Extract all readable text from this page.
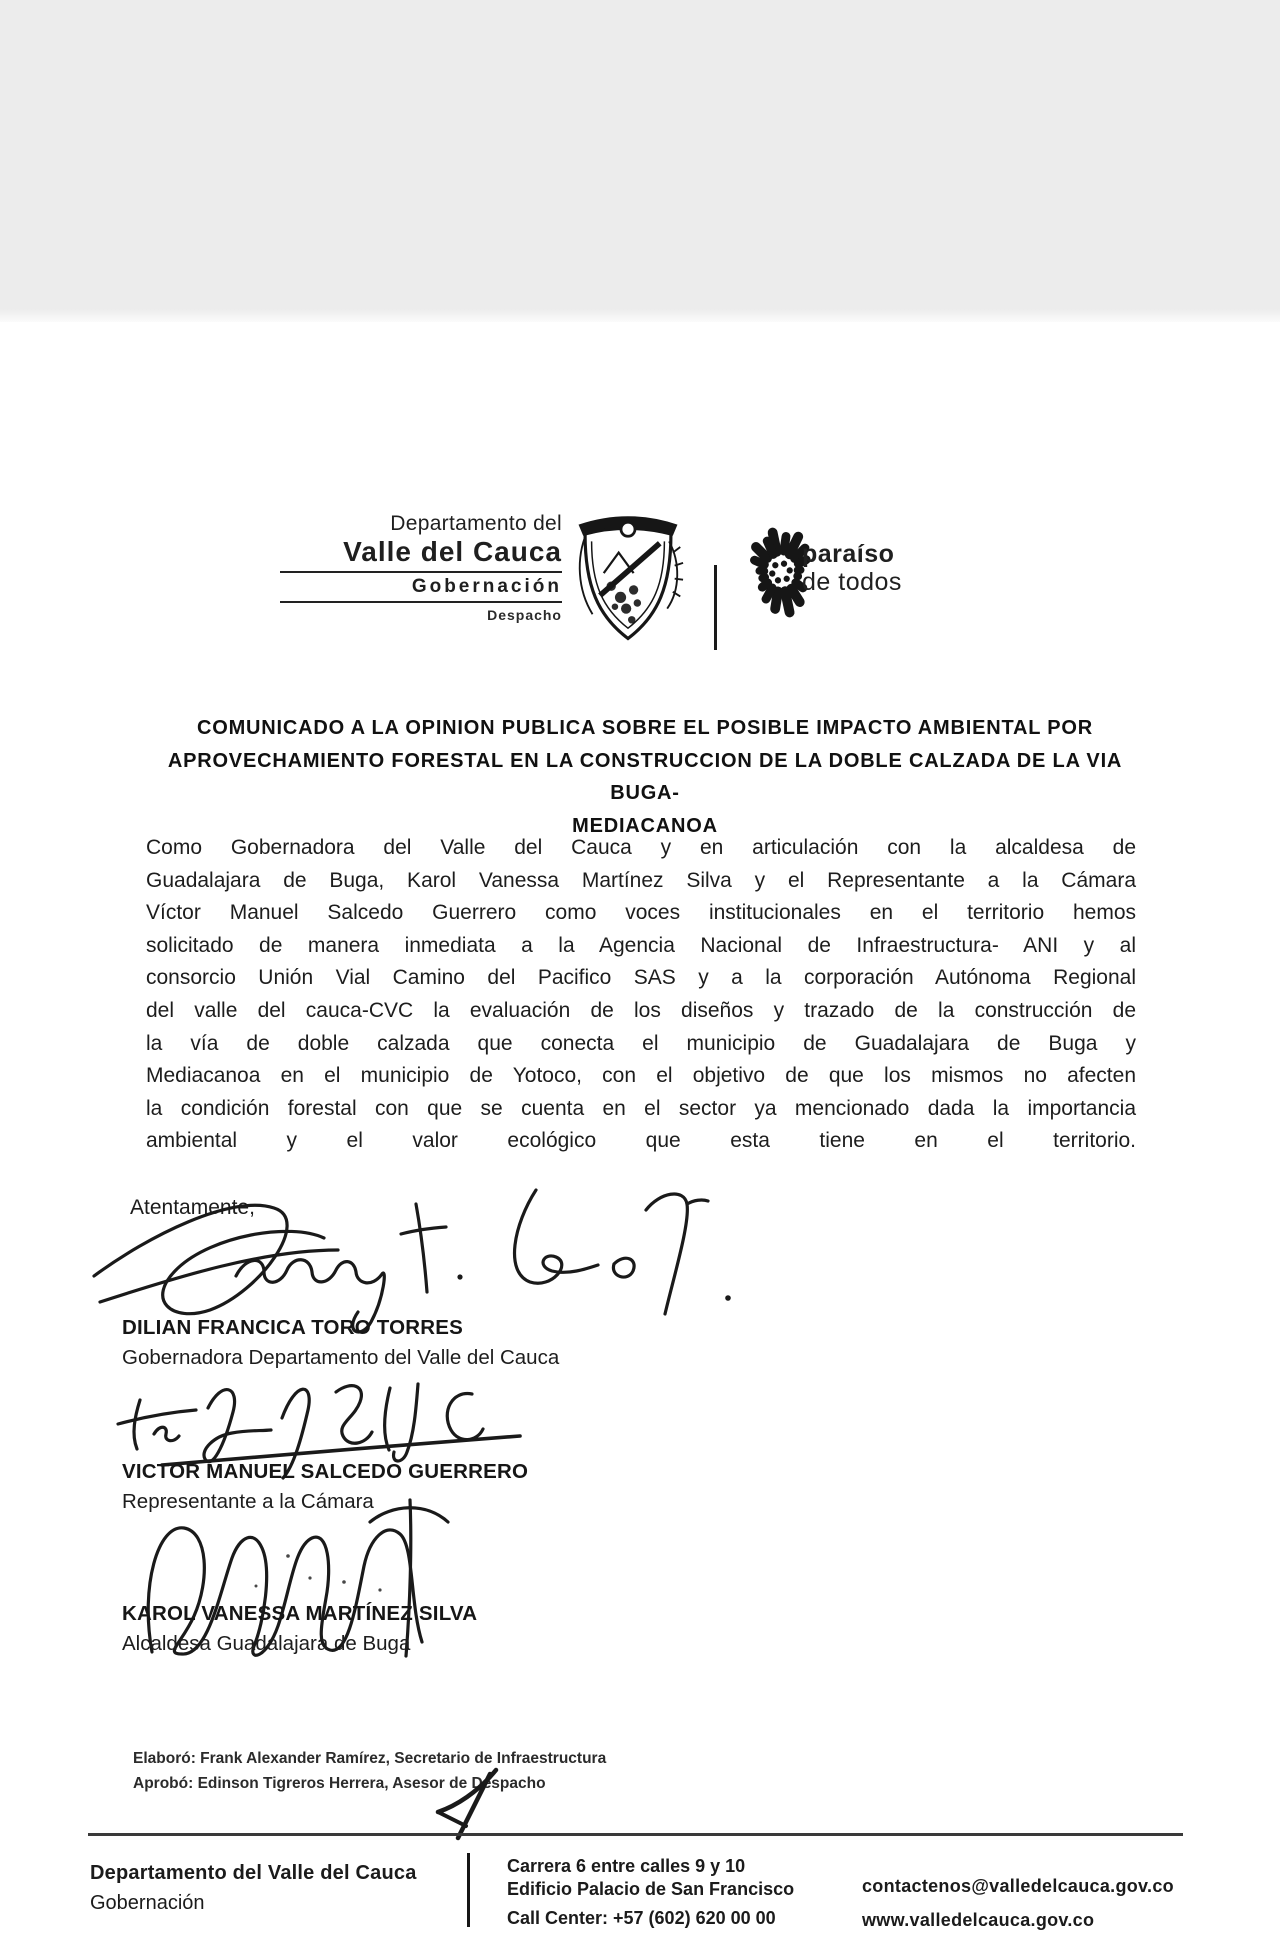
Departamento del
Valle del Cauca
Gobernación
Despacho
paraíso
de todos
COMUNICADO A LA OPINION PUBLICA SOBRE EL POSIBLE IMPACTO AMBIENTAL POR
APROVECHAMIENTO FORESTAL EN LA CONSTRUCCION DE LA DOBLE CALZADA DE LA VIA BUGA-
MEDIACANOA
Como Gobernadora del Valle del Cauca y en articulación con la alcaldesa de
Guadalajara de Buga, Karol Vanessa Martínez Silva y el Representante a la Cámara
Víctor Manuel Salcedo Guerrero como voces institucionales en el territorio hemos
solicitado de manera inmediata a la Agencia Nacional de Infraestructura- ANI y al
consorcio Unión Vial Camino del Pacifico SAS y a la corporación Autónoma Regional
del valle del cauca-CVC la evaluación de los diseños y trazado de la construcción de
la vía de doble calzada que conecta el municipio de Guadalajara de Buga y
Mediacanoa en el municipio de Yotoco, con el objetivo de que los mismos no afecten
la condición forestal con que se cuenta en el sector ya mencionado dada la importancia
ambiental y el valor ecológico que esta tiene en el territorio.
Atentamente,
DILIAN FRANCICA TORO TORRES
Gobernadora Departamento del Valle del Cauca
VICTOR MANUEL SALCEDO GUERRERO
Representante a la Cámara
KAROL VANESSA MARTÍNEZ SILVA
Alcaldesa Guadalajara de Buga
Elaboró: Frank Alexander Ramírez, Secretario de Infraestructura
Aprobó: Edinson Tigreros Herrera, Asesor de Despacho
Departamento del Valle del Cauca
Gobernación
Carrera 6 entre calles 9 y 10
Edificio Palacio de San Francisco
Call Center: +57 (602) 620 00 00
contactenos@valledelcauca.gov.co
www.valledelcauca.gov.co
